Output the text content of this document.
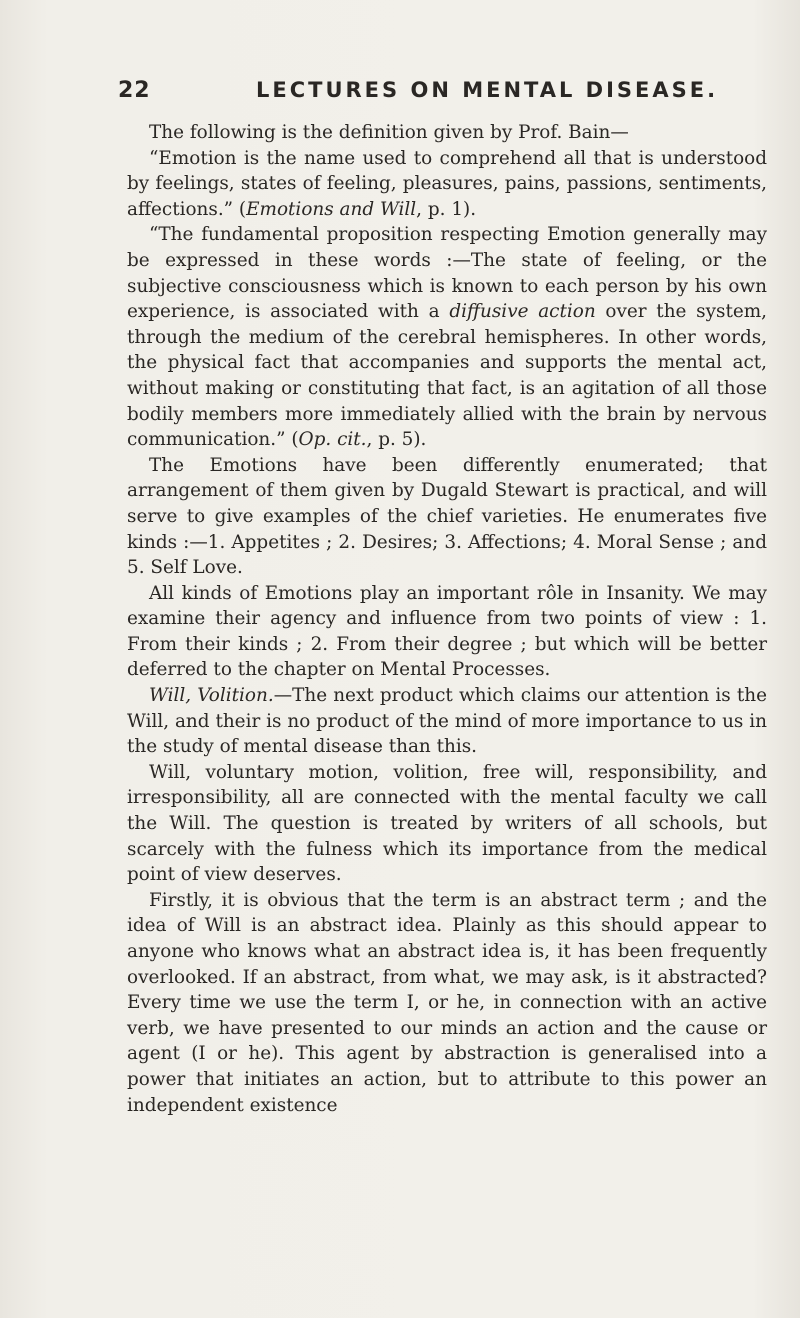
22	LECTURES ON MENTAL DISEASE.

The following is the definition given by Prof. Bain—

“Emotion is the name used to comprehend all that is understood by feelings, states of feeling, pleasures, pains, passions, sentiments, affections.” (Emotions and Will, p. 1).

“The fundamental proposition respecting Emotion generally may be expressed in these words :—The state of feeling, or the subjective consciousness which is known to each person by his own experience, is associated with a diffusive action over the system, through the medium of the cerebral hemispheres. In other words, the physical fact that accompanies and supports the mental act, without making or constituting that fact, is an agitation of all those bodily members more immediately allied with the brain by nervous communication.” (Op. cit., p. 5).

The Emotions have been differently enumerated; that arrangement of them given by Dugald Stewart is practical, and will serve to give examples of the chief varieties. He enumerates five kinds :—1. Appetites ; 2. Desires; 3. Affections; 4. Moral Sense ; and 5. Self Love.

All kinds of Emotions play an important rôle in Insanity. We may examine their agency and influence from two points of view : 1. From their kinds ; 2. From their degree ; but which will be better deferred to the chapter on Mental Processes.

Will, Volition.—The next product which claims our attention is the Will, and their is no product of the mind of more importance to us in the study of mental disease than this.

Will, voluntary motion, volition, free will, responsibility, and irresponsibility, all are connected with the mental faculty we call the Will. The question is treated by writers of all schools, but scarcely with the fulness which its importance from the medical point of view deserves.

Firstly, it is obvious that the term is an abstract term ; and the idea of Will is an abstract idea. Plainly as this should appear to anyone who knows what an abstract idea is, it has been frequently overlooked. If an abstract, from what, we may ask, is it abstracted? Every time we use the term I, or he, in connection with an active verb, we have presented to our minds an action and the cause or agent (I or he). This agent by abstraction is generalised into a power that initiates an action, but to attribute to this power an independent existence
